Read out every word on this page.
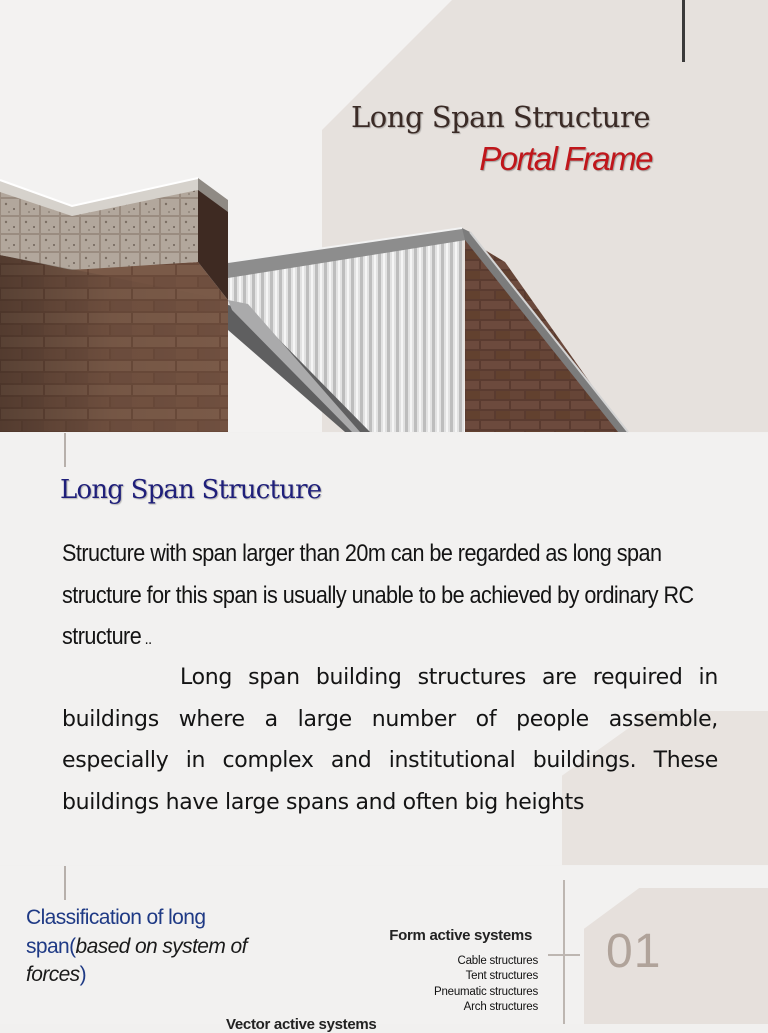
Long Span Structure
Portal Frame
Long Span Structure

Structure with span larger than 20m can be regarded as long span structure for this span is usually unable to be achieved by ordinary RC structure ..

Long span building structures are required in buildings where a large number of people assemble, especially in complex and institutional buildings. These buildings have large spans and often big heights

Classification of long span(based on system of forces)

Form active systems
Cable structures
Tent structures
Pneumatic structures
Arch structures
Vector active systems
01
